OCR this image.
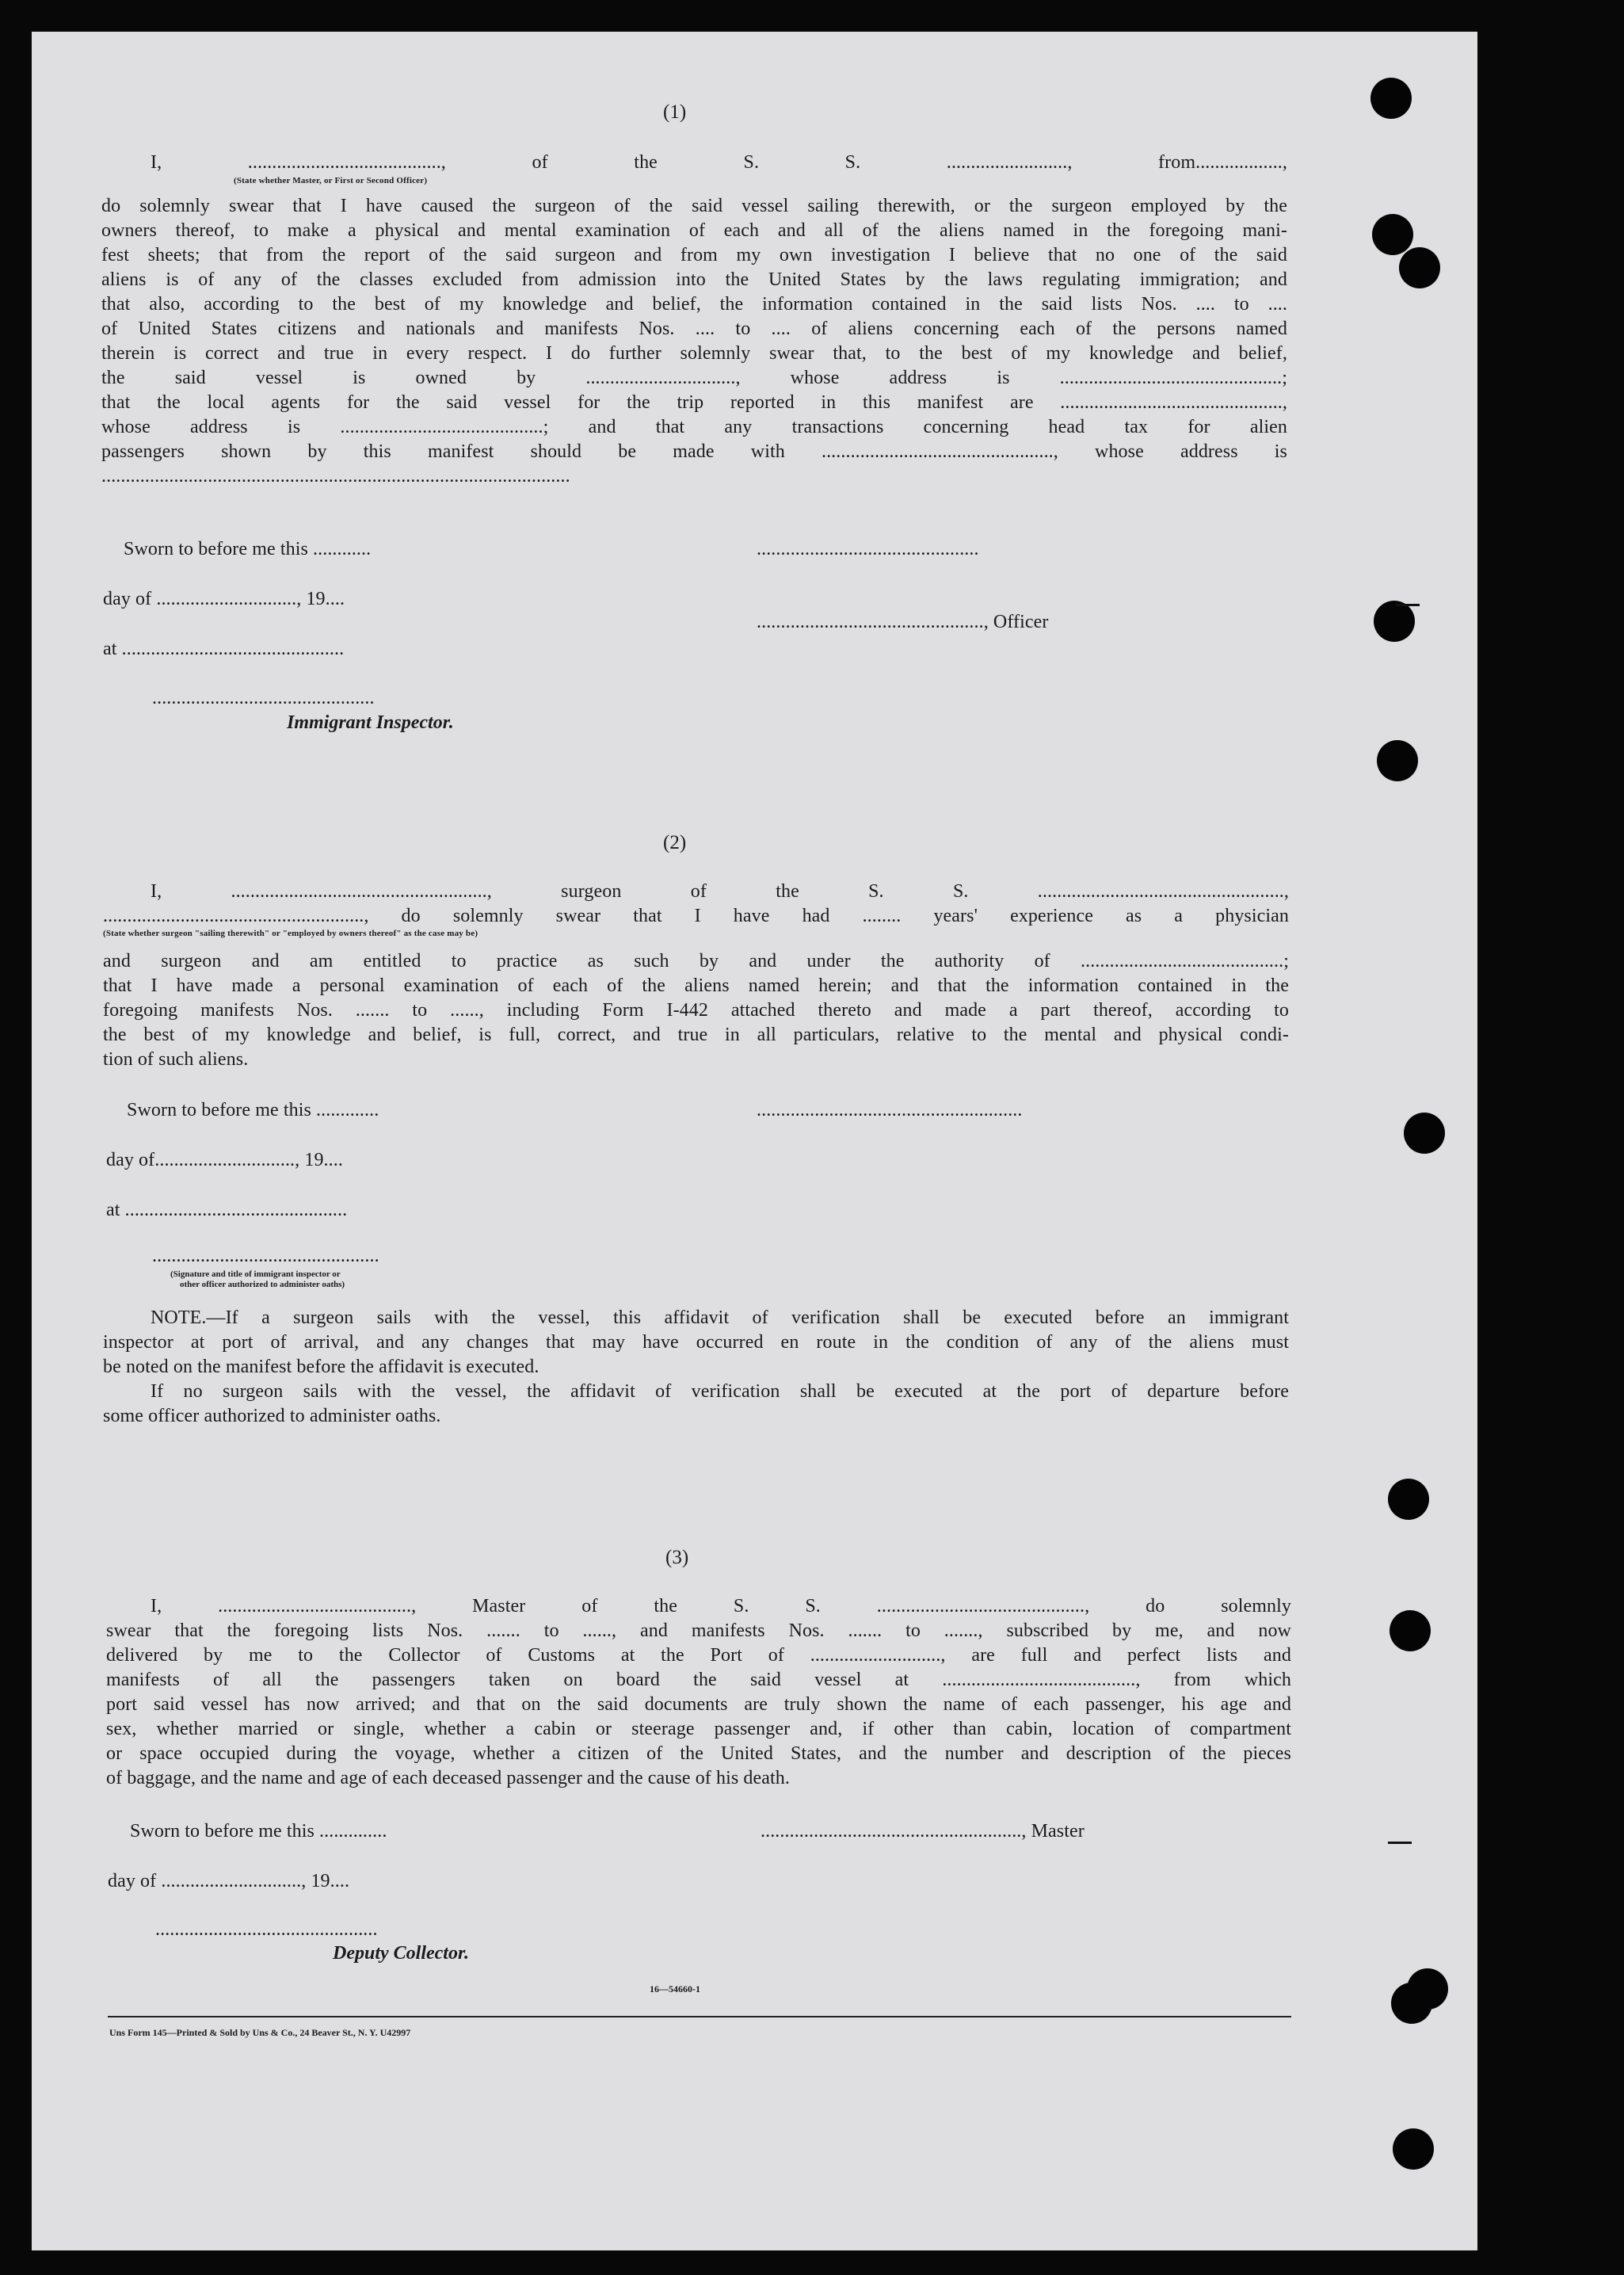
(1)
I, ........................................, of the S. S. ........................., from..................,
(State whether Master, or First or Second Officer)
do solemnly swear that I have caused the surgeon of the said vessel sailing therewith, or the surgeon employed by the
owners thereof, to make a physical and mental examination of each and all of the aliens named in the foregoing mani-
fest sheets; that from the report of the said surgeon and from my own investigation I believe that no one of the said
aliens is of any of the classes excluded from admission into the United States by the laws regulating immigration; and
that also, according to the best of my knowledge and belief, the information contained in the said lists Nos. .... to ....
of United States citizens and nationals and manifests Nos. .... to .... of aliens concerning each of the persons named
therein is correct and true in every respect. I do further solemnly swear that, to the best of my knowledge and belief,
the said vessel is owned by ..............................., whose address is ..............................................;
that the local agents for the said vessel for the trip reported in this manifest are ..............................................,
whose address is ..........................................; and that any transactions concerning head tax for alien
passengers shown by this manifest should be made with ................................................, whose address is
.................................................................................................
Sworn to before me this ............
day of ............................., 19....
at ..............................................
..............................................
Immigrant Inspector.
..............................................
..............................................., Officer
(2)
I, ....................................................., surgeon of the S. S. ...................................................,
......................................................, do solemnly swear that I have had ........ years' experience as a physician
(State whether surgeon "sailing therewith" or "employed by owners thereof" as the case may be)
and surgeon and am entitled to practice as such by and under the authority of ..........................................;
that I have made a personal examination of each of the aliens named herein; and that the information contained in the
foregoing manifests Nos. ....... to ......, including Form I-442 attached thereto and made a part thereof, according to
the best of my knowledge and belief, is full, correct, and true in all particulars, relative to the mental and physical condi-
tion of such aliens.
Sworn to before me this .............
day of............................., 19....
at ..............................................
...............................................
(Signature and title of immigrant inspector or
other officer authorized to administer oaths)
.......................................................
NOTE.—If a surgeon sails with the vessel, this affidavit of verification shall be executed before an immigrant
inspector at port of arrival, and any changes that may have occurred en route in the condition of any of the aliens must
be noted on the manifest before the affidavit is executed.
If no surgeon sails with the vessel, the affidavit of verification shall be executed at the port of departure before
some officer authorized to administer oaths.
(3)
I, ........................................, Master of the S. S. ..........................................., do solemnly
swear that the foregoing lists Nos. ....... to ......, and manifests Nos. ....... to ......., subscribed by me, and now
delivered by me to the Collector of Customs at the Port of ..........................., are full and perfect lists and
manifests of all the passengers taken on board the said vessel at ........................................, from which
port said vessel has now arrived; and that on the said documents are truly shown the name of each passenger, his age and
sex, whether married or single, whether a cabin or steerage passenger and, if other than cabin, location of compartment
or space occupied during the voyage, whether a citizen of the United States, and the number and description of the pieces
of baggage, and the name and age of each deceased passenger and the cause of his death.
Sworn to before me this ..............
day of ............................., 19....
..............................................
Deputy Collector.
......................................................, Master
16—54660-1
Uns Form 145—Printed & Sold by Uns & Co., 24 Beaver St., N. Y. U42997
